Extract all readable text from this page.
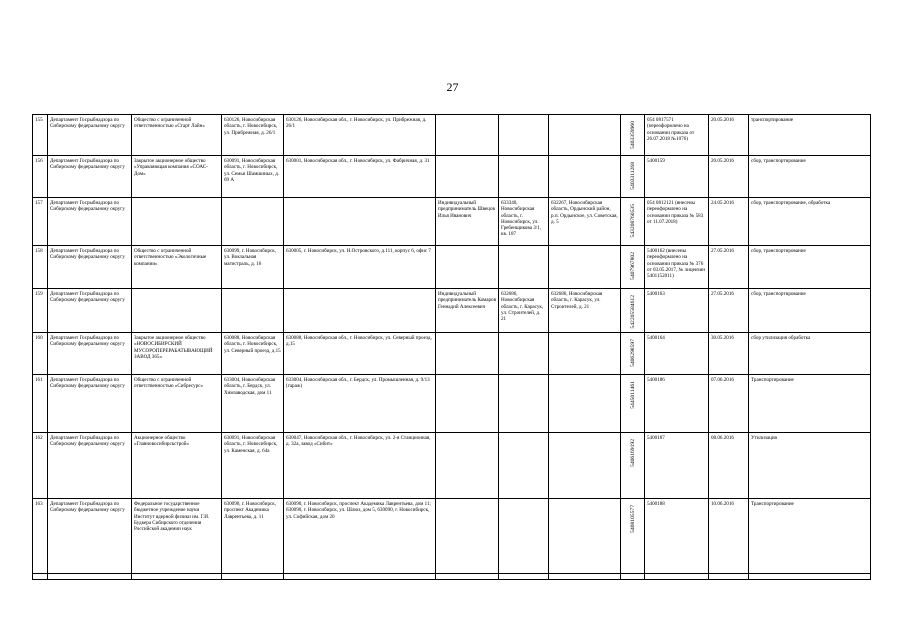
27
155	Департамент Госрыбнадзора по Сибирскому федеральному округу	Общество с ограниченной ответственностью «Старт Лайн»	630126, Новосибирская область, г. Новосибирск, ул. Прибрежная, д. 26/1	630126, Новосибирская обл., г. Новосибирск, ул. Прибрежная, д. 26/1				5403359960	054 0817571 (переоформлено на основании приказа от 26.07.2018 №1076)	20.05.2016	транспортирование
156	Департамент Госрыбнадзора по Сибирскому федеральному округу	Закрытое акционерное общество «Управляющая компания «СОАС-Дом»	630091, Новосибирская область, г. Новосибирск, ул. Семьи Шамшиных, д. 69 А	630001, Новосибирская обл., г. Новосибирск, ул. Фабричная, д. 31				5403311268	5400159	20.05.2016	сбор, транспортирование
157	Департамент Госрыбнадзора по Сибирскому федеральному округу				Индивидуальный предприниматель Швецов Илья Иванович	633340, Новосибирская область, г. Новосибирск, ул. Гребенщикова 3/1, кв. 187	632267, Новосибирская область, Ордынский район, р.п. Ордынское, ул. Советская, д. 5	543208760535	054 0812121 (внесены переоформлено на основании приказа № 583 от 11.07.2018)	24.05.2016	сбор, транспортирование, обработка
158	Департамент Госрыбнадзора по Сибирскому федеральному округу	Общество с ограниченной ответственностью «Экологичные компании»	630099, г. Новосибирск, ул. Вокзальная магистраль, д. 16	630005, г. Новосибирск, ул. Н.Островского, д.111, корпус 6, офис 7				5407967802	5400162 (внесены переоформлено на основании приказа № 376 от 03.05.2017, № лицензии 5401152011)	27.05.2016	сбор, транспортирование
159	Департамент Госрыбнадзора по Сибирскому федеральному округу				Индивидуальный предприниматель Комаров Геннадий Алексеевич	632686, Новосибирская область, г. Карасук, ул. Строителей, д. 21	632686, Новосибирская область, г. Карасук, ул. Строителей, д. 21	542205584612	5400163	27.05.2016	сбор, транспортирование
160	Департамент Госрыбнадзора по Сибирскому федеральному округу	Закрытое акционерное общество «НОВОСИБИРСКИЙ МУСОРОПЕРЕРАБАТЫВАЮЩИЙ ЗАВОД 365»	630088, Новосибирская область, г. Новосибирск, ул. Северный проезд, д.15	630088, Новосибирская обл., г. Новосибирск, ул. Северный проезд, д.15				5406298597	5400164	30.05.2016	сбор утилизация обработка
161	Департамент Госрыбнадзора по Сибирскому федеральному округу	Общество с ограниченной ответственностью «Сибресурс»	633004, Новосибирская область, г. Бердск, ул. Химзаводская, дом 11	633004, Новосибирская обл., г. Бердск, ул. Промышленная, д. 9/13 (гараж)				5445011461	5400186	07.06.2016	Транспортирование
162	Департамент Госрыбнадзора по Сибирскому федеральному округу	Акционерное общество «Главновосибирскстрой»	630091, Новосибирская область, г. Новосибирск, ул. Каменская, д. 64а	630047, Новосибирская обл., г. Новосибирск, ул. 2-я Станционная, д. 32а, завод «Сибит»				5406169192	5400187	08.06.2016	Утилизация
163	Департамент Госрыбнадзора по Сибирскому федеральному округу	Федеральное государственное бюджетное учреждение науки Институт ядерной физики им. Г.И. Будкера Сибирского отделения Российской академии наук	630090, г. Новосибирск, проспект Академика Лаврентьева, д. 11	630090, г. Новосибирск, проспект Академика Лаврентьева, дом 11; 630090, г. Новосибирск, ул. Шлюз, дом 5, 630090, г. Новосибирск, ул. Софийская, дом 20				5408105577	5400188	10.06.2016	Транспортирование
